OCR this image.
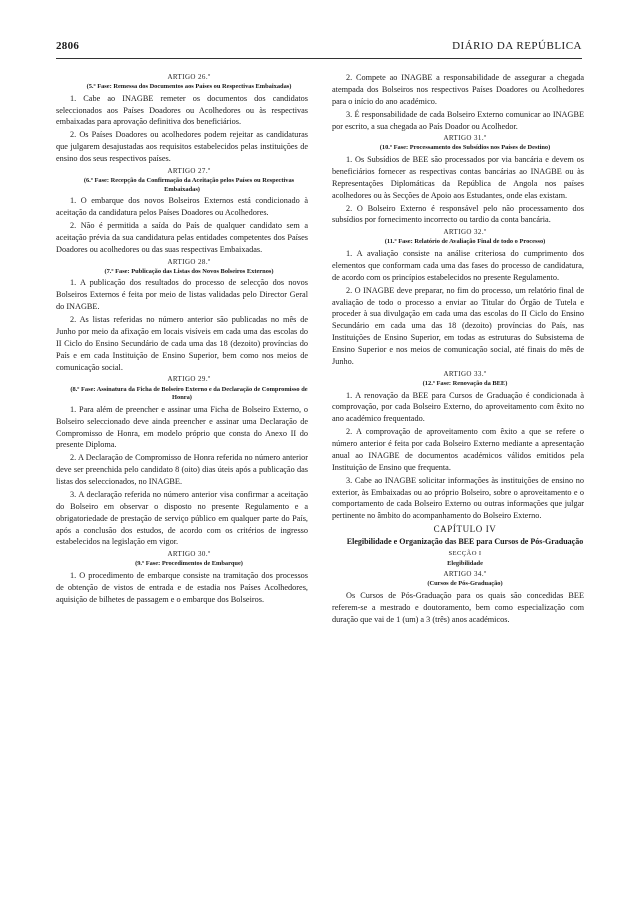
2806	DIÁRIO DA REPÚBLICA

ARTIGO 26.º

(5.º Fase: Remessa dos Documentos aos Países ou Respectivas Embaixadas)

1. Cabe ao INAGBE remeter os documentos dos candidatos seleccionados aos Países Doadores ou Acolhedores ou às respectivas embaixadas para aprovação definitiva dos beneficiários.

2. Os Países Doadores ou acolhedores podem rejeitar as candidaturas que julgarem desajustadas aos requisitos estabelecidos pelas instituições de ensino dos seus respectivos países.

ARTIGO 27.º

(6.º Fase: Recepção da Confirmação da Aceitação pelos Países ou Respectivas Embaixadas)

1. O embarque dos novos Bolseiros Externos está condicionado à aceitação da candidatura pelos Países Doadores ou Acolhedores.

2. Não é permitida a saída do País de qualquer candidato sem a aceitação prévia da sua candidatura pelas entidades competentes dos Países Doadores ou acolhedores ou das suas respectivas Embaixadas.

ARTIGO 28.º

(7.º Fase: Publicação das Listas dos Novos Bolseiros Externos)

1. A publicação dos resultados do processo de selecção dos novos Bolseiros Externos é feita por meio de listas validadas pelo Director Geral do INAGBE.

2. As listas referidas no número anterior são publicadas no mês de Junho por meio da afixação em locais visíveis em cada uma das escolas do II Ciclo do Ensino Secundário de cada uma das 18 (dezoito) províncias do País e em cada Instituição de Ensino Superior, bem como nos meios de comunicação social.

ARTIGO 29.º

(8.º Fase: Assinatura da Ficha de Bolseiro Externo e da Declaração de Compromisso de Honra)

1. Para além de preencher e assinar uma Ficha de Bolseiro Externo, o Bolseiro seleccionado deve ainda preencher e assinar uma Declaração de Compromisso de Honra, em modelo próprio que consta do Anexo II do presente Diploma.

2. A Declaração de Compromisso de Honra referida no número anterior deve ser preenchida pelo candidato 8 (oito) dias úteis após a publicação das listas dos seleccionados, no INAGBE.

3. A declaração referida no número anterior visa confirmar a aceitação do Bolseiro em observar o disposto no presente Regulamento e a obrigatoriedade de prestação de serviço público em qualquer parte do País, após a conclusão dos estudos, de acordo com os critérios de ingresso estabelecidos na legislação em vigor.

ARTIGO 30.º

(9.º Fase: Procedimentos de Embarque)

1. O procedimento de embarque consiste na tramitação dos processos de obtenção de vistos de entrada e de estadia nos Países Acolhedores, aquisição de bilhetes de passagem e o embarque dos Bolseiros.

2. Compete ao INAGBE a responsabilidade de assegurar a chegada atempada dos Bolseiros nos respectivos Países Doadores ou Acolhedores para o início do ano académico.

3. É responsabilidade de cada Bolseiro Externo comunicar ao INAGBE por escrito, a sua chegada ao País Doador ou Acolhedor.

ARTIGO 31.º

(10.º Fase: Processamento dos Subsídios nos Países de Destino)

1. Os Subsídios de BEE são processados por via bancária e devem os beneficiários fornecer as respectivas contas bancárias ao INAGBE ou às Representações Diplomáticas da República de Angola nos países acolhedores ou às Secções de Apoio aos Estudantes, onde elas existam.

2. O Bolseiro Externo é responsável pelo não processamento dos subsídios por fornecimento incorrecto ou tardio da conta bancária.

ARTIGO 32.º

(11.º Fase: Relatório de Avaliação Final de todo o Processo)

1. A avaliação consiste na análise criteriosa do cumprimento dos elementos que conformam cada uma das fases do processo de candidatura, de acordo com os princípios estabelecidos no presente Regulamento.

2. O INAGBE deve preparar, no fim do processo, um relatório final de avaliação de todo o processo a enviar ao Titular do Órgão de Tutela e proceder à sua divulgação em cada uma das escolas do II Ciclo do Ensino Secundário em cada uma das 18 (dezoito) províncias do País, nas Instituições de Ensino Superior, em todas as estruturas do Subsistema de Ensino Superior e nos meios de comunicação social, até finais do mês de Junho.

ARTIGO 33.º

(12.º Fase: Renovação da BEE)

1. A renovação da BEE para Cursos de Graduação é condicionada à comprovação, por cada Bolseiro Externo, do aproveitamento com êxito no ano académico frequentado.

2. A comprovação de aproveitamento com êxito a que se refere o número anterior é feita por cada Bolseiro Externo mediante a apresentação anual ao INAGBE de documentos académicos válidos emitidos pela Instituição de Ensino que frequenta.

3. Cabe ao INAGBE solicitar informações às instituições de ensino no exterior, às Embaixadas ou ao próprio Bolseiro, sobre o aproveitamento e o comportamento de cada Bolseiro Externo ou outras informações que julgar pertinente no âmbito do acompanhamento do Bolseiro Externo.

CAPÍTULO IV

Elegibilidade e Organização das BEE para Cursos de Pós-Graduação

SECÇÃO I

Elegibilidade

ARTIGO 34.º

(Cursos de Pós-Graduação)

Os Cursos de Pós-Graduação para os quais são concedidas BEE referem-se a mestrado e doutoramento, bem como especialização com duração que vai de 1 (um) a 3 (três) anos académicos.
